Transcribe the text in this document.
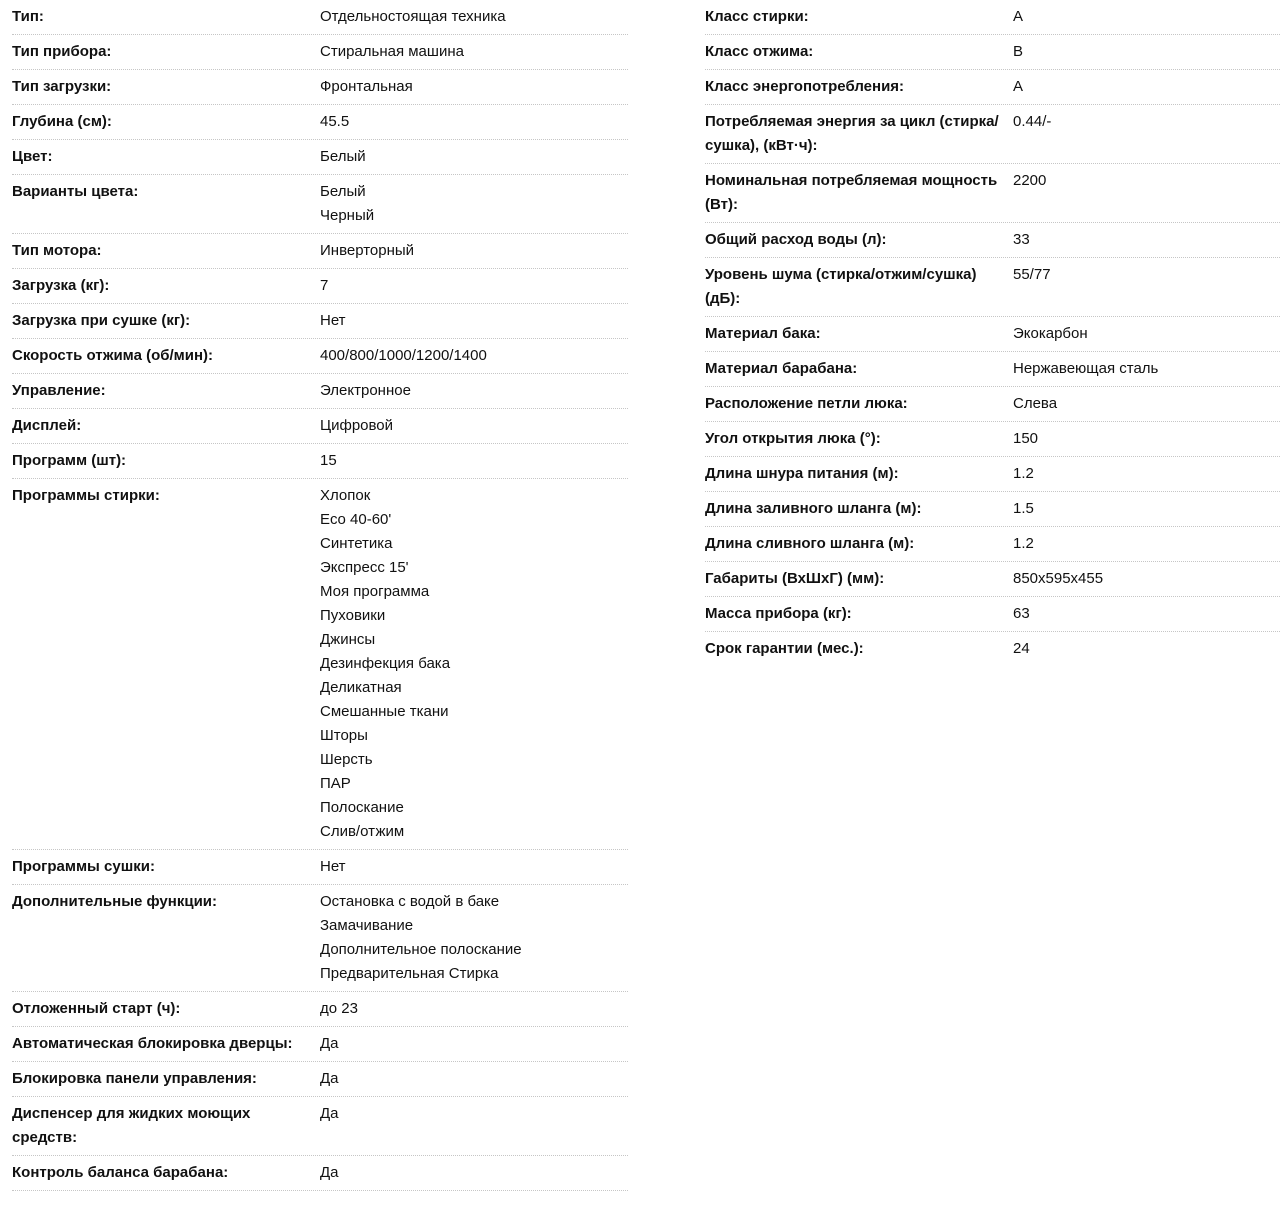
Тип:	Отдельностоящая техника
Тип прибора:	Стиральная машина
Тип загрузки:	Фронтальная
Глубина (см):	45.5
Цвет:	Белый
Варианты цвета:	Белый
Черный
Тип мотора:	Инверторный
Загрузка (кг):	7
Загрузка при сушке (кг):	Нет
Скорость отжима (об/мин):	400/800/1000/1200/1400
Управление:	Электронное
Дисплей:	Цифровой
Программ (шт):	15
Программы стирки:	Хлопок
Eco 40-60'
Синтетика
Экспресс 15'
Моя программа
Пуховики
Джинсы
Дезинфекция бака
Деликатная
Смешанные ткани
Шторы
Шерсть
ПАР
Полоскание
Слив/отжим
Программы сушки:	Нет
Дополнительные функции:	Остановка с водой в баке
Замачивание
Дополнительное полоскание
Предварительная Стирка
Отложенный старт (ч):	до 23
Автоматическая блокировка дверцы:	Да
Блокировка панели управления:	Да
Диспенсер для жидких моющих средств:
Да
Контроль баланса барабана:	Да
Класс стирки:	A
Класс отжима:	B
Класс энергопотребления:	A
Потребляемая энергия за цикл (стирка/сушка), (кВт·ч):
0.44/-
Номинальная потребляемая мощность (Вт):
2200
Общий расход воды (л):	33
Уровень шума (стирка/отжим/сушка) (дБ):
55/77
Материал бака:	Экокарбон
Материал барабана:	Нержавеющая сталь
Расположение петли люка:	Слева
Угол открытия люка (°):	150
Длина шнура питания (м):	1.2
Длина заливного шланга (м):	1.5
Длина сливного шланга (м):	1.2
Габариты (ВхШхГ) (мм):	850x595x455
Масса прибора (кг):	63
Срок гарантии (мес.):	24
